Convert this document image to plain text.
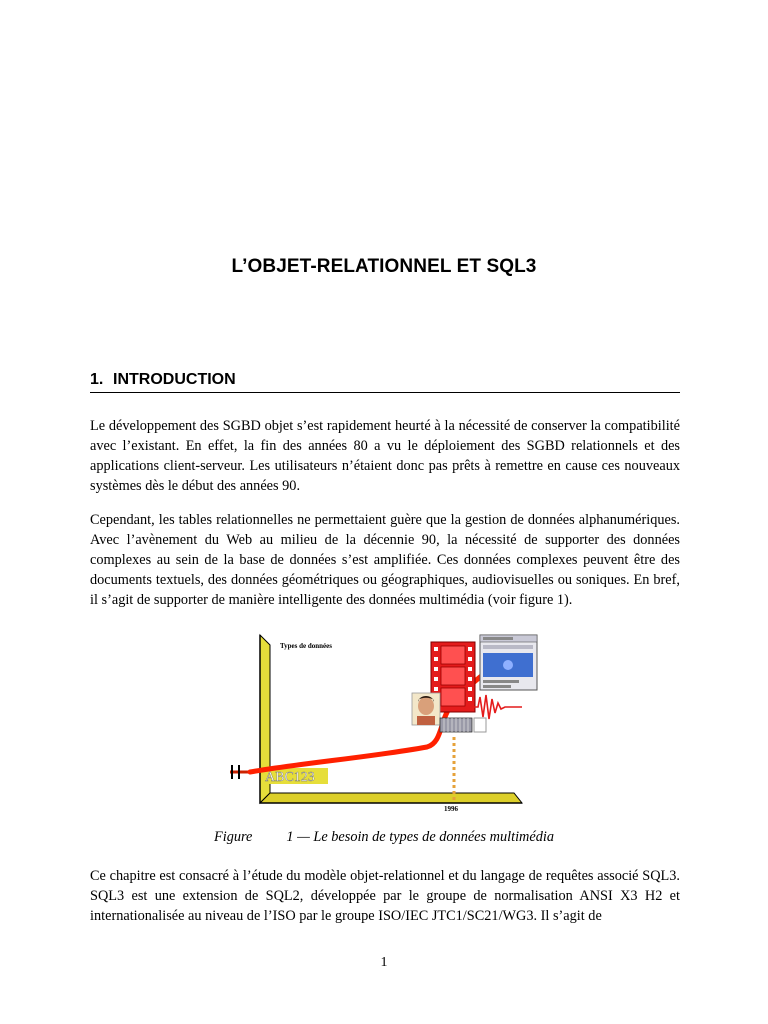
L’OBJET-RELATIONNEL ET SQL3
1. INTRODUCTION

Le développement des SGBD objet s’est rapidement heurté à la nécessité de conserver la compatibilité avec l’existant. En effet, la fin des années 80 a vu le déploiement des SGBD relationnels et des applications client-serveur. Les utilisateurs n’étaient donc pas prêts à remettre en cause ces nouveaux systèmes dès le début des années 90.

Cependant, les tables relationnelles ne permettaient guère que la gestion de données alphanumériques. Avec l’avènement du Web au milieu de la décennie 90, la nécessité de supporter des données complexes au sein de la base de données s’est amplifiée. Ces données complexes peuvent être des documents textuels, des données géométriques ou géographiques, audiovisuelles ou soniques. En bref, il s’agit de supporter de manière intelligente des données multimédia (voir figure 1).

Types de données
1996
ABC123

Figure 1 — Le besoin de types de données multimédia

Ce chapitre est consacré à l’étude du modèle objet-relationnel et du langage de requêtes associé SQL3. SQL3 est une extension de SQL2, développée par le groupe de normalisation ANSI X3 H2 et internationalisée au niveau de l’ISO par le groupe ISO/IEC JTC1/SC21/WG3. Il s’agit de

1
